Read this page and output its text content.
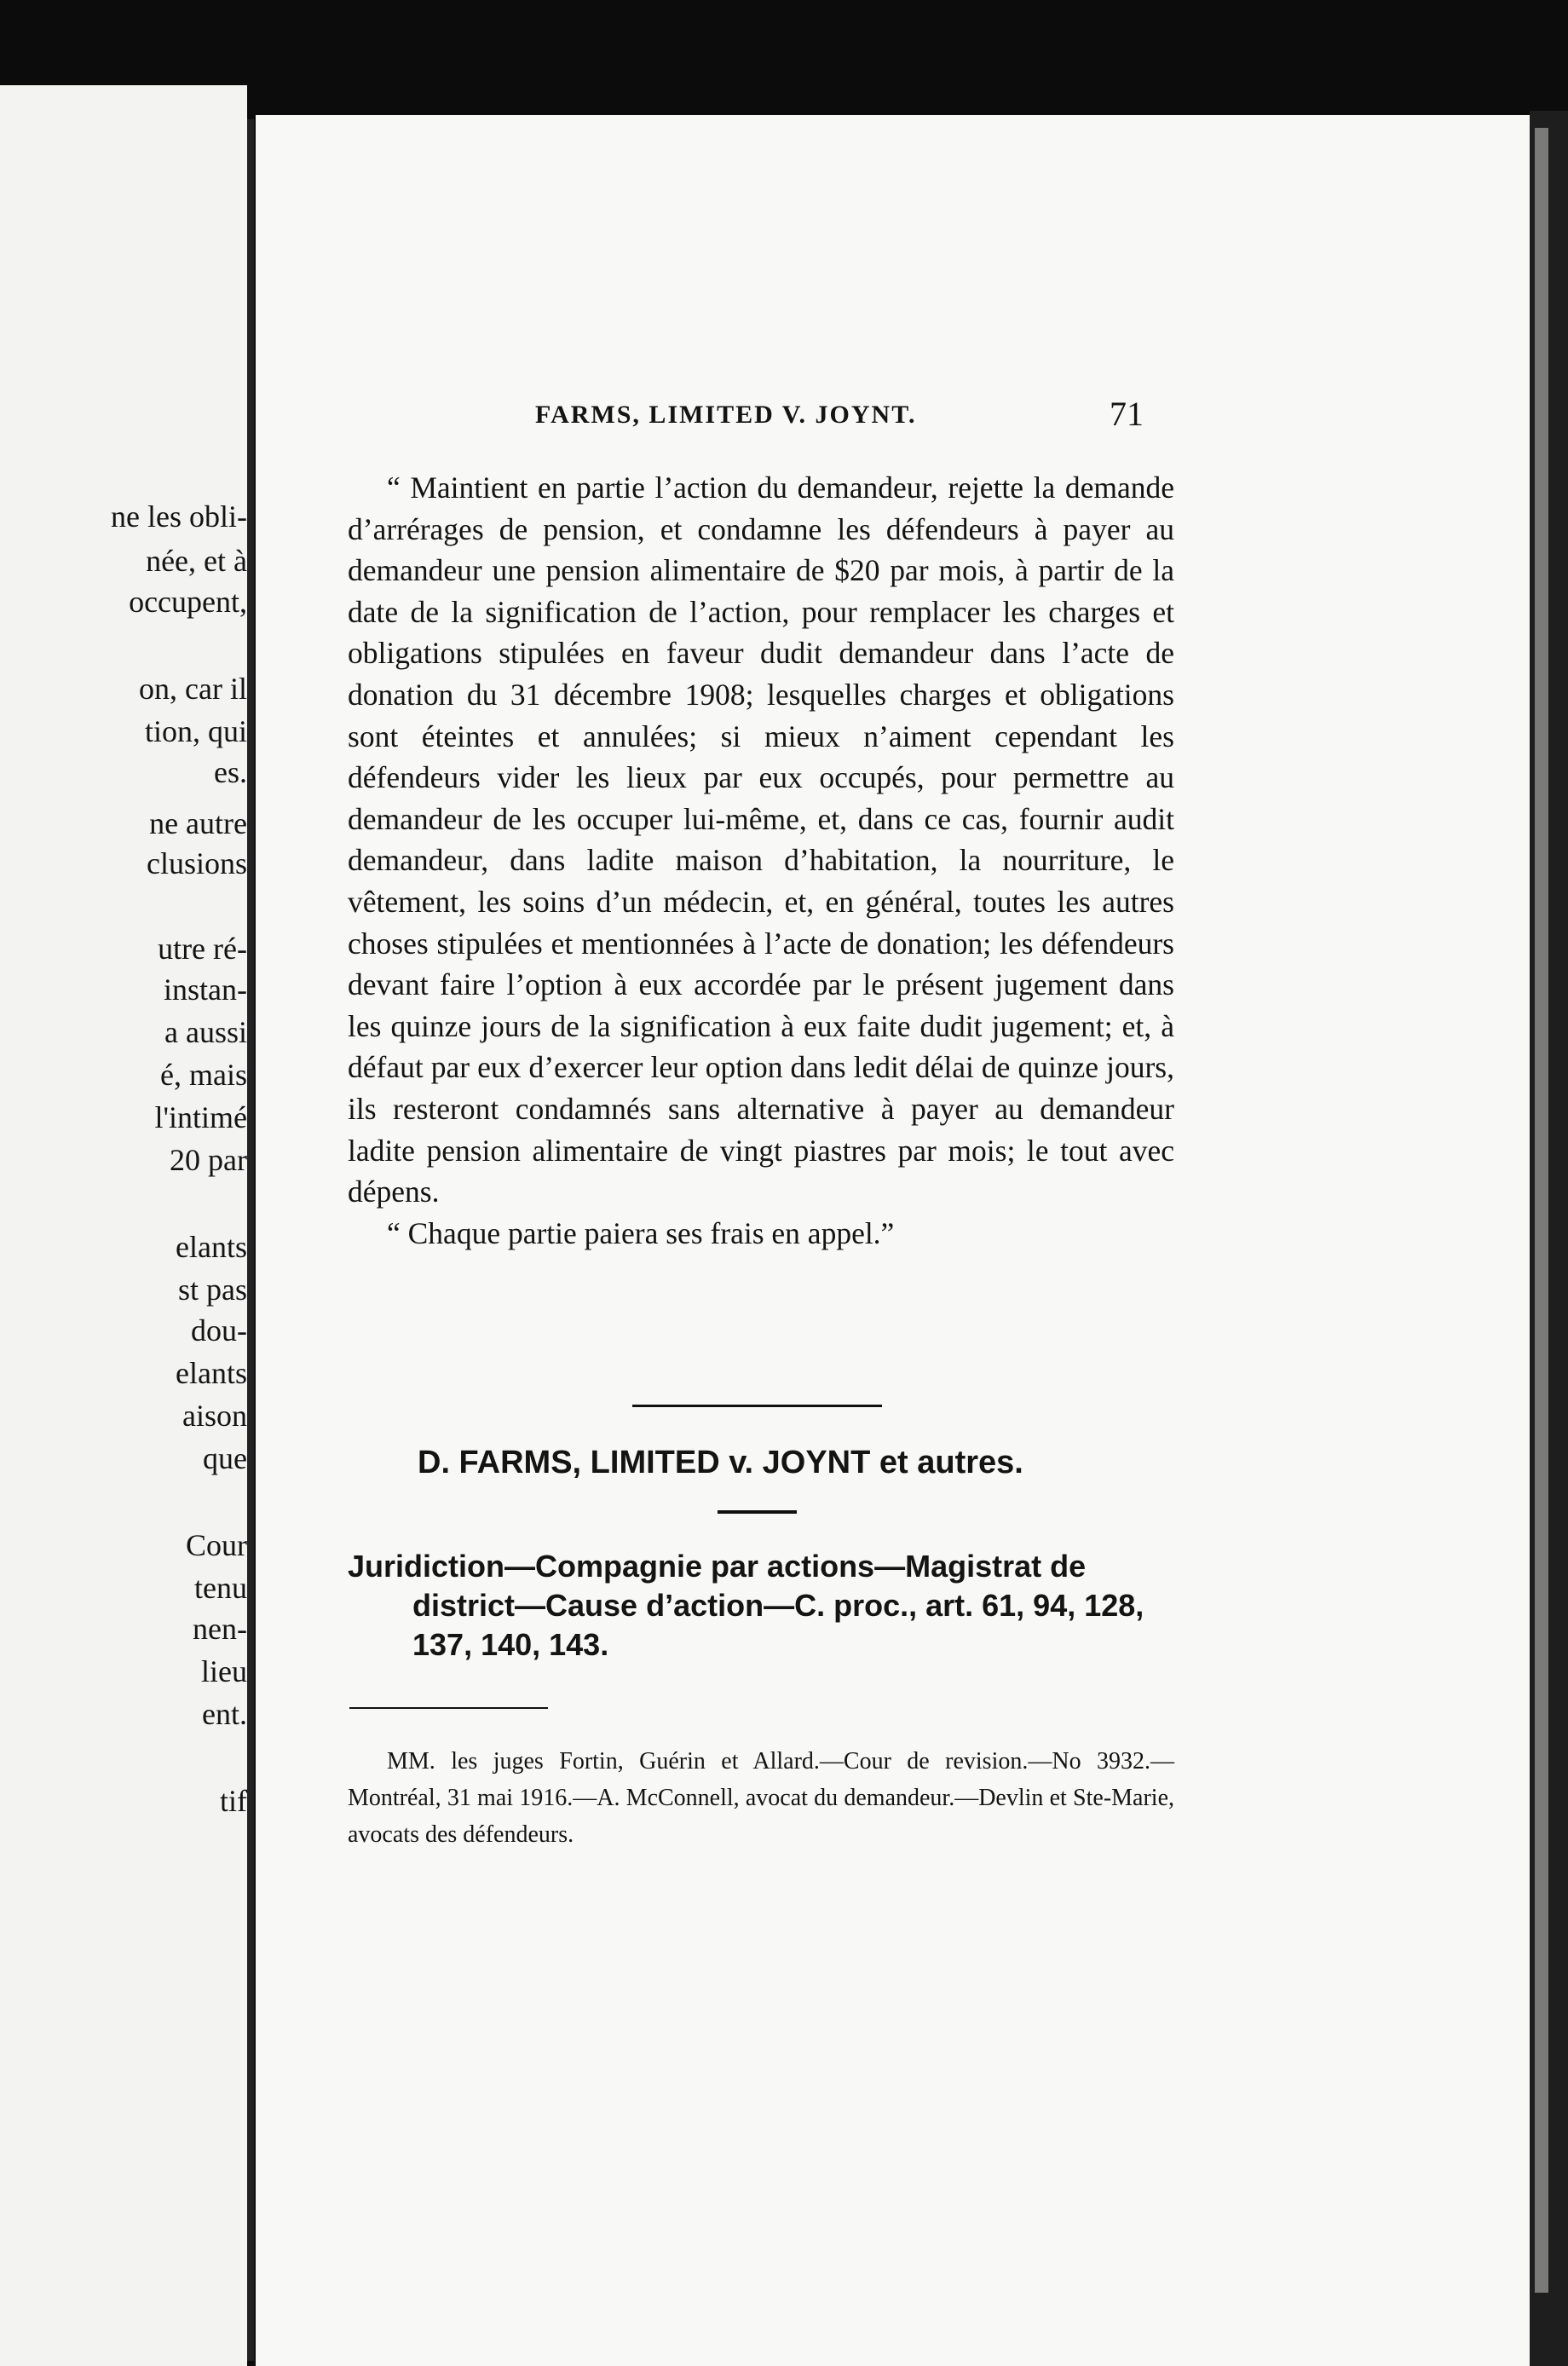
ne les obli-
née, et à
occupent,
on, car il
tion, qui
es.
ne autre
clusions
utre ré-
instan-
a aussi
é, mais
l'intimé
20 par
elants
st pas
dou-
elants
aison
que
Cour
tenu
nen-
lieu
ent.
tif
FARMS, LIMITED V. JOYNT.	71

“ Maintient en partie l’action du demandeur, rejette la demande d’arrérages de pension, et condamne les défendeurs à payer au demandeur une pension alimentaire de $20 par mois, à partir de la date de la signification de l’action, pour remplacer les charges et obligations stipulées en faveur dudit demandeur dans l’acte de donation du 31 décembre 1908; lesquelles charges et obligations sont éteintes et annulées; si mieux n’aiment cependant les défendeurs vider les lieux par eux occupés, pour permettre au demandeur de les occuper lui-même, et, dans ce cas, fournir audit demandeur, dans ladite maison d’habitation, la nourriture, le vêtement, les soins d’un médecin, et, en général, toutes les autres choses stipulées et mentionnées à l’acte de donation; les défendeurs devant faire l’option à eux accordée par le présent jugement dans les quinze jours de la signification à eux faite dudit jugement; et, à défaut par eux d’exercer leur option dans ledit délai de quinze jours, ils resteront condamnés sans alternative à payer au demandeur ladite pension alimentaire de vingt piastres par mois; le tout avec dépens.

“ Chaque partie paiera ses frais en appel.”

D. FARMS, LIMITED v. JOYNT et autres.
Juridiction—Compagnie par actions—Magistrat de district—Cause d’action—C. proc., art. 61, 94, 128, 137, 140, 143.

MM. les juges Fortin, Guérin et Allard.—Cour de revision.—No 3932.—Montréal, 31 mai 1916.—A. McConnell, avocat du demandeur.—Devlin et Ste-Marie, avocats des défendeurs.
